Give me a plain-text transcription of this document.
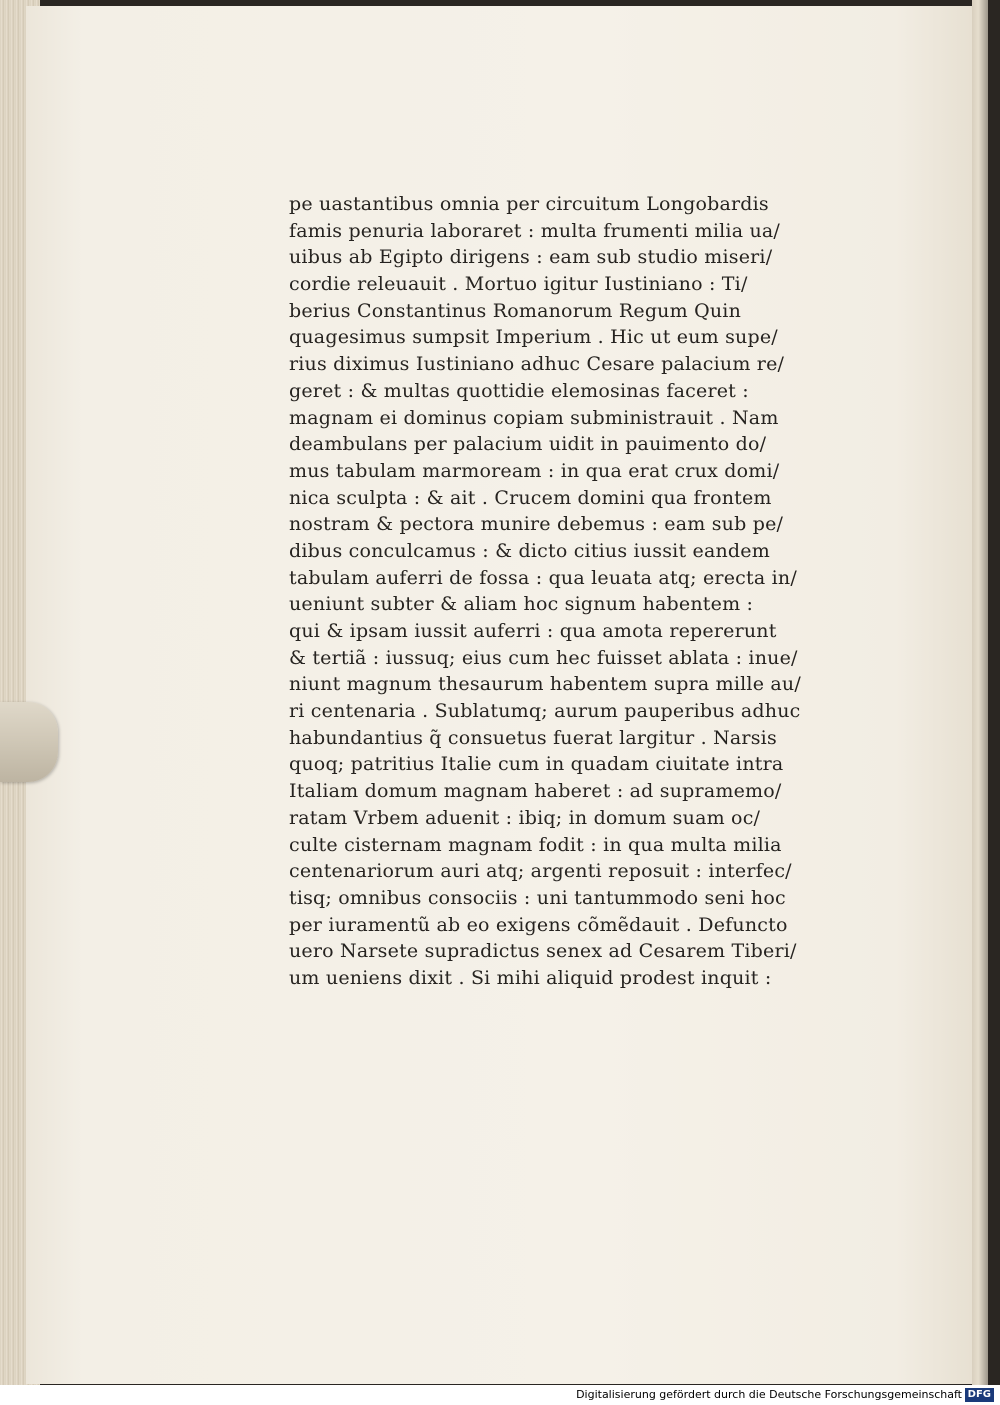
pe uastantibus omnia per circuitum Longobardis
famis penuria laboraret : multa frumenti milia ua/
uibus ab Egipto dirigens : eam sub studio miseri/
cordie releuauit . Mortuo igitur Iustiniano : Ti/
berius Constantinus Romanorum Regum Quin
quagesimus sumpsit Imperium . Hic ut eum supe/
rius diximus Iustiniano adhuc Cesare palacium re/
geret : & multas quottidie elemosinas faceret :
magnam ei dominus copiam subministrauit . Nam
deambulans per palacium uidit in pauimento do/
mus tabulam marmoream : in qua erat crux domi/
nica sculpta : & ait . Crucem domini qua frontem
nostram & pectora munire debemus : eam sub pe/
dibus conculcamus : & dicto citius iussit eandem
tabulam auferri de fossa : qua leuata atq; erecta in/
ueniunt subter & aliam hoc signum habentem :
qui & ipsam iussit auferri : qua amota repererunt
& tertiã : iussuq; eius cum hec fuisset ablata : inue/
niunt magnum thesaurum habentem supra mille au/
ri centenaria . Sublatumq; aurum pauperibus adhuc
habundantius q̃ consuetus fuerat largitur . Narsis
quoq; patritius Italie cum in quadam ciuitate intra
Italiam domum magnam haberet : ad supramemo/
ratam Vrbem aduenit : ibiq; in domum suam oc/
culte cisternam magnam fodit : in qua multa milia
centenariorum auri atq; argenti reposuit : interfec/
tisq; omnibus consociis : uni tantummodo seni hoc
per iuramentũ ab eo exigens cõmẽdauit . Defuncto
uero Narsete supradictus senex ad Cesarem Tiberi/
um ueniens dixit . Si mihi aliquid prodest inquit :
Digitalisierung gefördert durch die Deutsche Forschungsgemeinschaft DFG
